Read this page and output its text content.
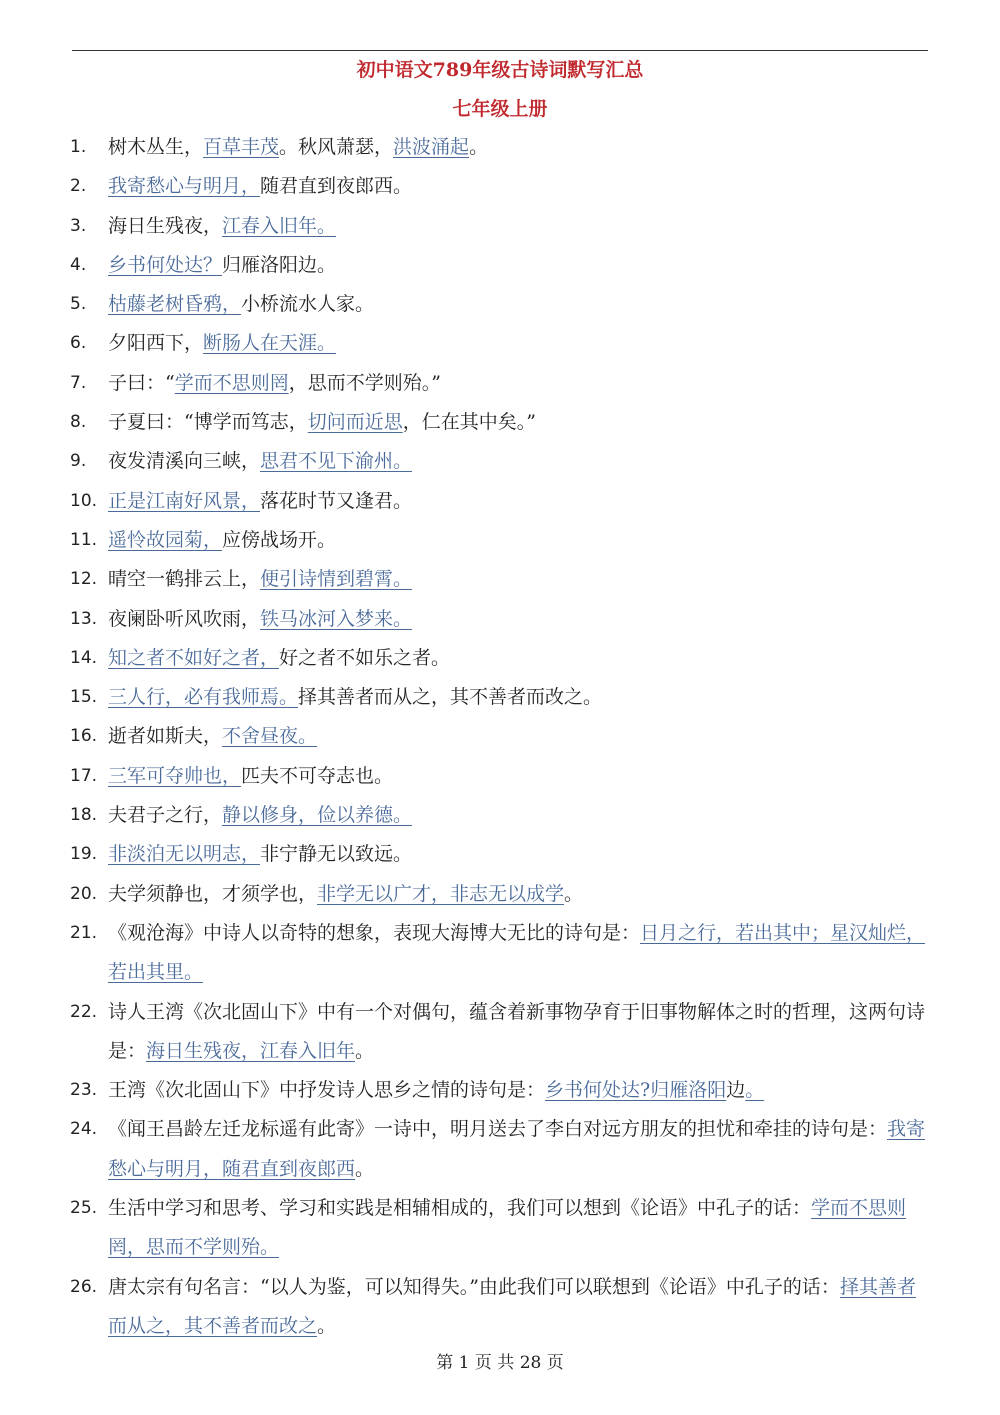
初中语文789年级古诗词默写汇总
七年级上册
1.	树木丛生，百草丰茂。秋风萧瑟，洪波涌起。
2.	我寄愁心与明月，随君直到夜郎西。
3.	海日生残夜，江春入旧年。
4.	乡书何处达？归雁洛阳边。
5.	枯藤老树昏鸦，小桥流水人家。
6.	夕阳西下，断肠人在天涯。
7.	子曰：“学而不思则罔，思而不学则殆。”
8.	子夏曰：“博学而笃志，切问而近思，仁在其中矣。”
9.	夜发清溪向三峡，思君不见下渝州。
10. 正是江南好风景，落花时节又逢君。
11. 遥怜故园菊，应傍战场开。
12. 晴空一鹤排云上，便引诗情到碧霄。
13. 夜阑卧听风吹雨，铁马冰河入梦来。
14. 知之者不如好之者，好之者不如乐之者。
15. 三人行，必有我师焉。择其善者而从之，其不善者而改之。
16. 逝者如斯夫，不舍昼夜。
17. 三军可夺帅也，匹夫不可夺志也。
18. 夫君子之行，静以修身，俭以养德。
19. 非淡泊无以明志，非宁静无以致远。
20. 夫学须静也，才须学也，非学无以广才，非志无以成学。
21. 《观沧海》中诗人以奇特的想象，表现大海博大无比的诗句是：日月之行，若出其中；星汉灿烂，若出其里。
22. 诗人王湾《次北固山下》中有一个对偶句，蕴含着新事物孕育于旧事物解体之时的哲理，这两句诗是：海日生残夜，江春入旧年。
23. 王湾《次北固山下》中抒发诗人思乡之情的诗句是：乡书何处达?归雁洛阳边。
24. 《闻王昌龄左迁龙标遥有此寄》一诗中，明月送去了李白对远方朋友的担忧和牵挂的诗句是：我寄愁心与明月，随君直到夜郎西。
25. 生活中学习和思考、学习和实践是相辅相成的，我们可以想到《论语》中孔子的话：学而不思则罔，思而不学则殆。
26. 唐太宗有句名言：“以人为鉴，可以知得失。”由此我们可以联想到《论语》中孔子的话：择其善者而从之，其不善者而改之。
第 1 页 共 28 页
